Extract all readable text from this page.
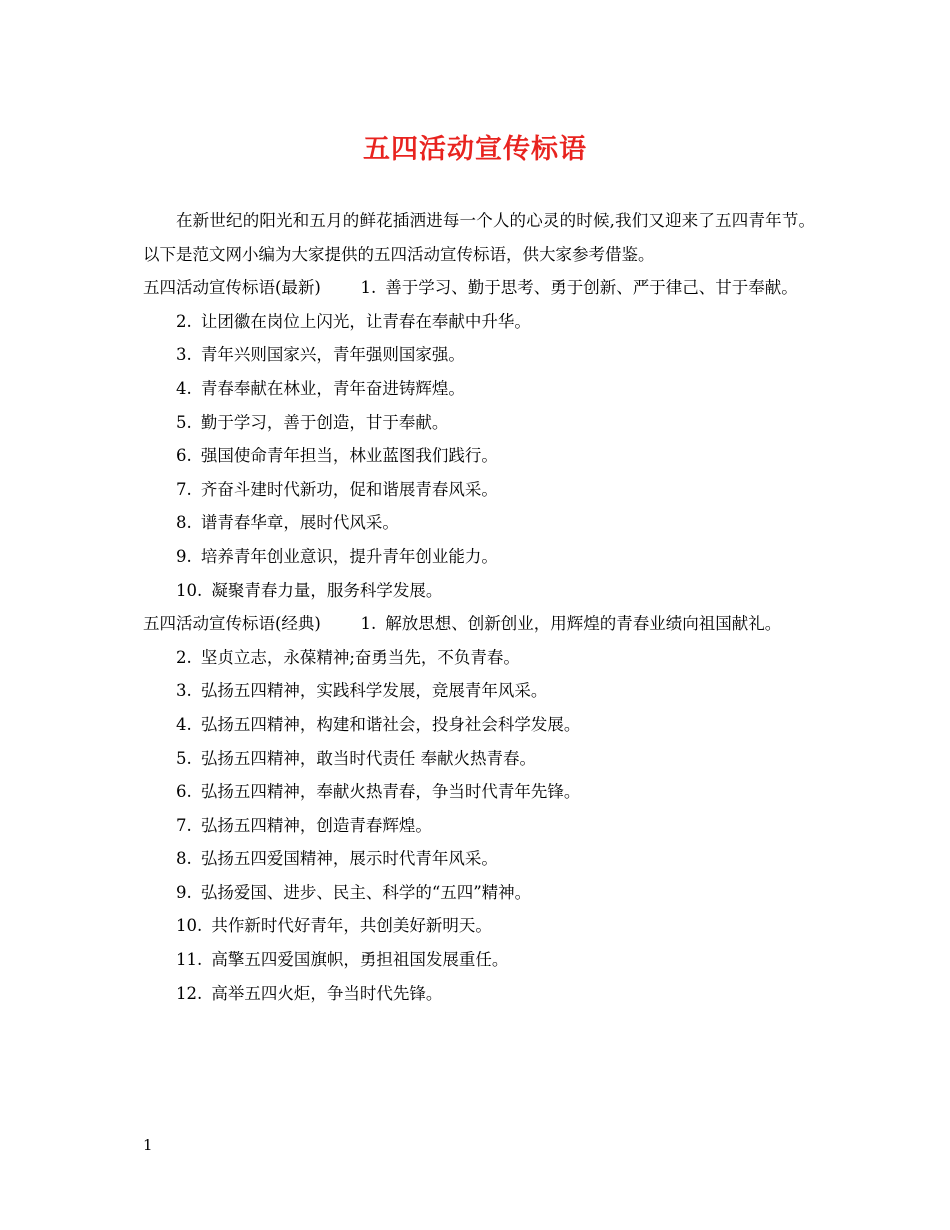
五四活动宣传标语

在新世纪的阳光和五月的鲜花插洒进每一个人的心灵的时候,我们又迎来了五四青年节。以下是范文网小编为大家提供的五四活动宣传标语，供大家参考借鉴。

五四活动宣传标语(最新) 1. 善于学习、勤于思考、勇于创新、严于律己、甘于奉献。

2. 让团徽在岗位上闪光，让青春在奉献中升华。

3. 青年兴则国家兴，青年强则国家强。

4. 青春奉献在林业，青年奋进铸辉煌。

5. 勤于学习，善于创造，甘于奉献。

6. 强国使命青年担当，林业蓝图我们践行。

7. 齐奋斗建时代新功，促和谐展青春风采。

8. 谱青春华章，展时代风采。

9. 培养青年创业意识，提升青年创业能力。

10. 凝聚青春力量，服务科学发展。

五四活动宣传标语(经典) 1. 解放思想、创新创业，用辉煌的青春业绩向祖国献礼。

2. 坚贞立志，永葆精神;奋勇当先，不负青春。

3. 弘扬五四精神，实践科学发展，竞展青年风采。

4. 弘扬五四精神，构建和谐社会，投身社会科学发展。

5. 弘扬五四精神，敢当时代责任 奉献火热青春。

6. 弘扬五四精神，奉献火热青春，争当时代青年先锋。

7. 弘扬五四精神，创造青春辉煌。

8. 弘扬五四爱国精神，展示时代青年风采。

9. 弘扬爱国、进步、民主、科学的“五四”精神。

10. 共作新时代好青年，共创美好新明天。

11. 高擎五四爱国旗帜，勇担祖国发展重任。

12. 高举五四火炬，争当时代先锋。

1
